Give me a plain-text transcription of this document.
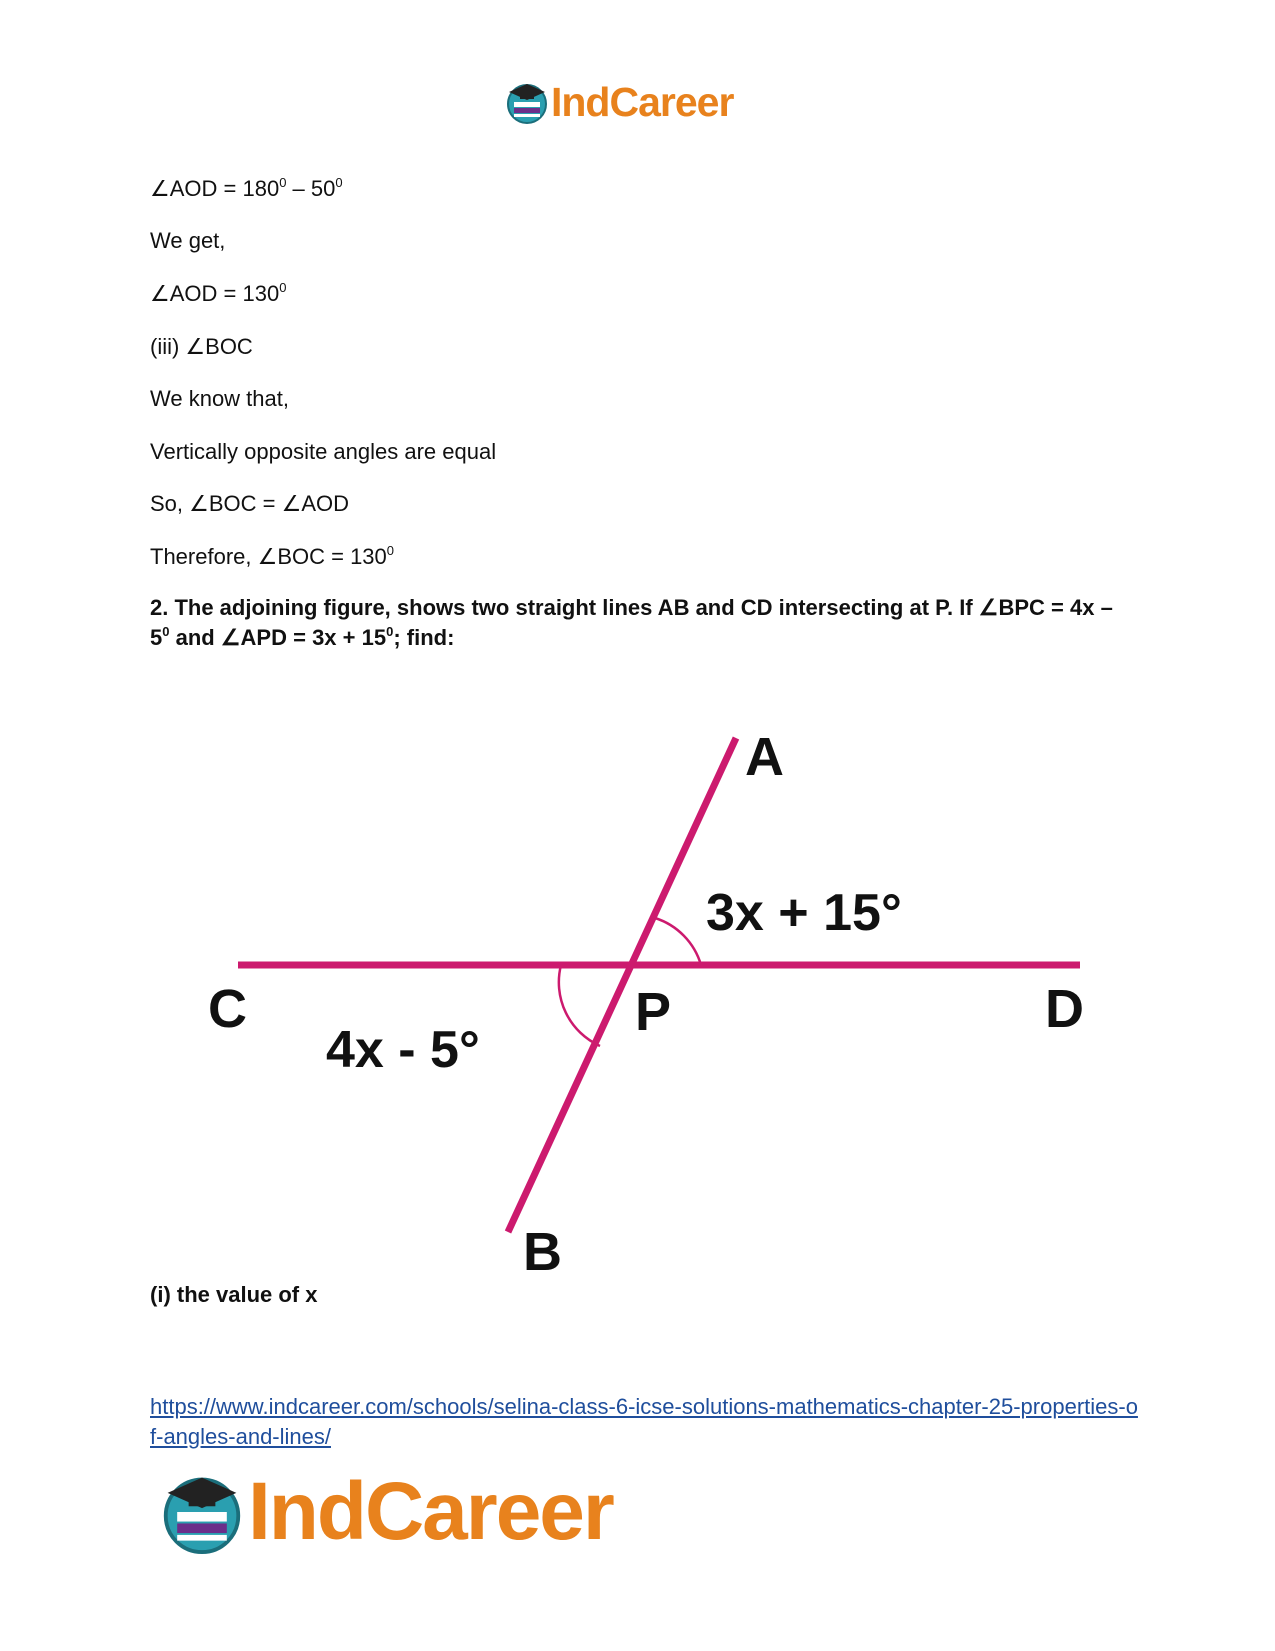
IndCareer
∠AOD = $180^0 - 50^0$
We get,
∠AOD = $130^0$
(iii) ∠BOC
We know that,
Vertically opposite angles are equal
So, ∠BOC = ∠AOD
Therefore, ∠BOC = $130^0$
2. The adjoining figure, shows two straight lines AB and CD intersecting at P. If ∠BPC = $4x - 5^0$ and ∠APD = $3x + 15^0$; find:
(i) the value of x
A
B
C	D
P
3x + 15°
4x - 5°
https://www.indcareer.com/schools/selina-class-6-icse-solutions-mathematics-chapter-25-properties-of-angles-and-lines/
IndCareer
